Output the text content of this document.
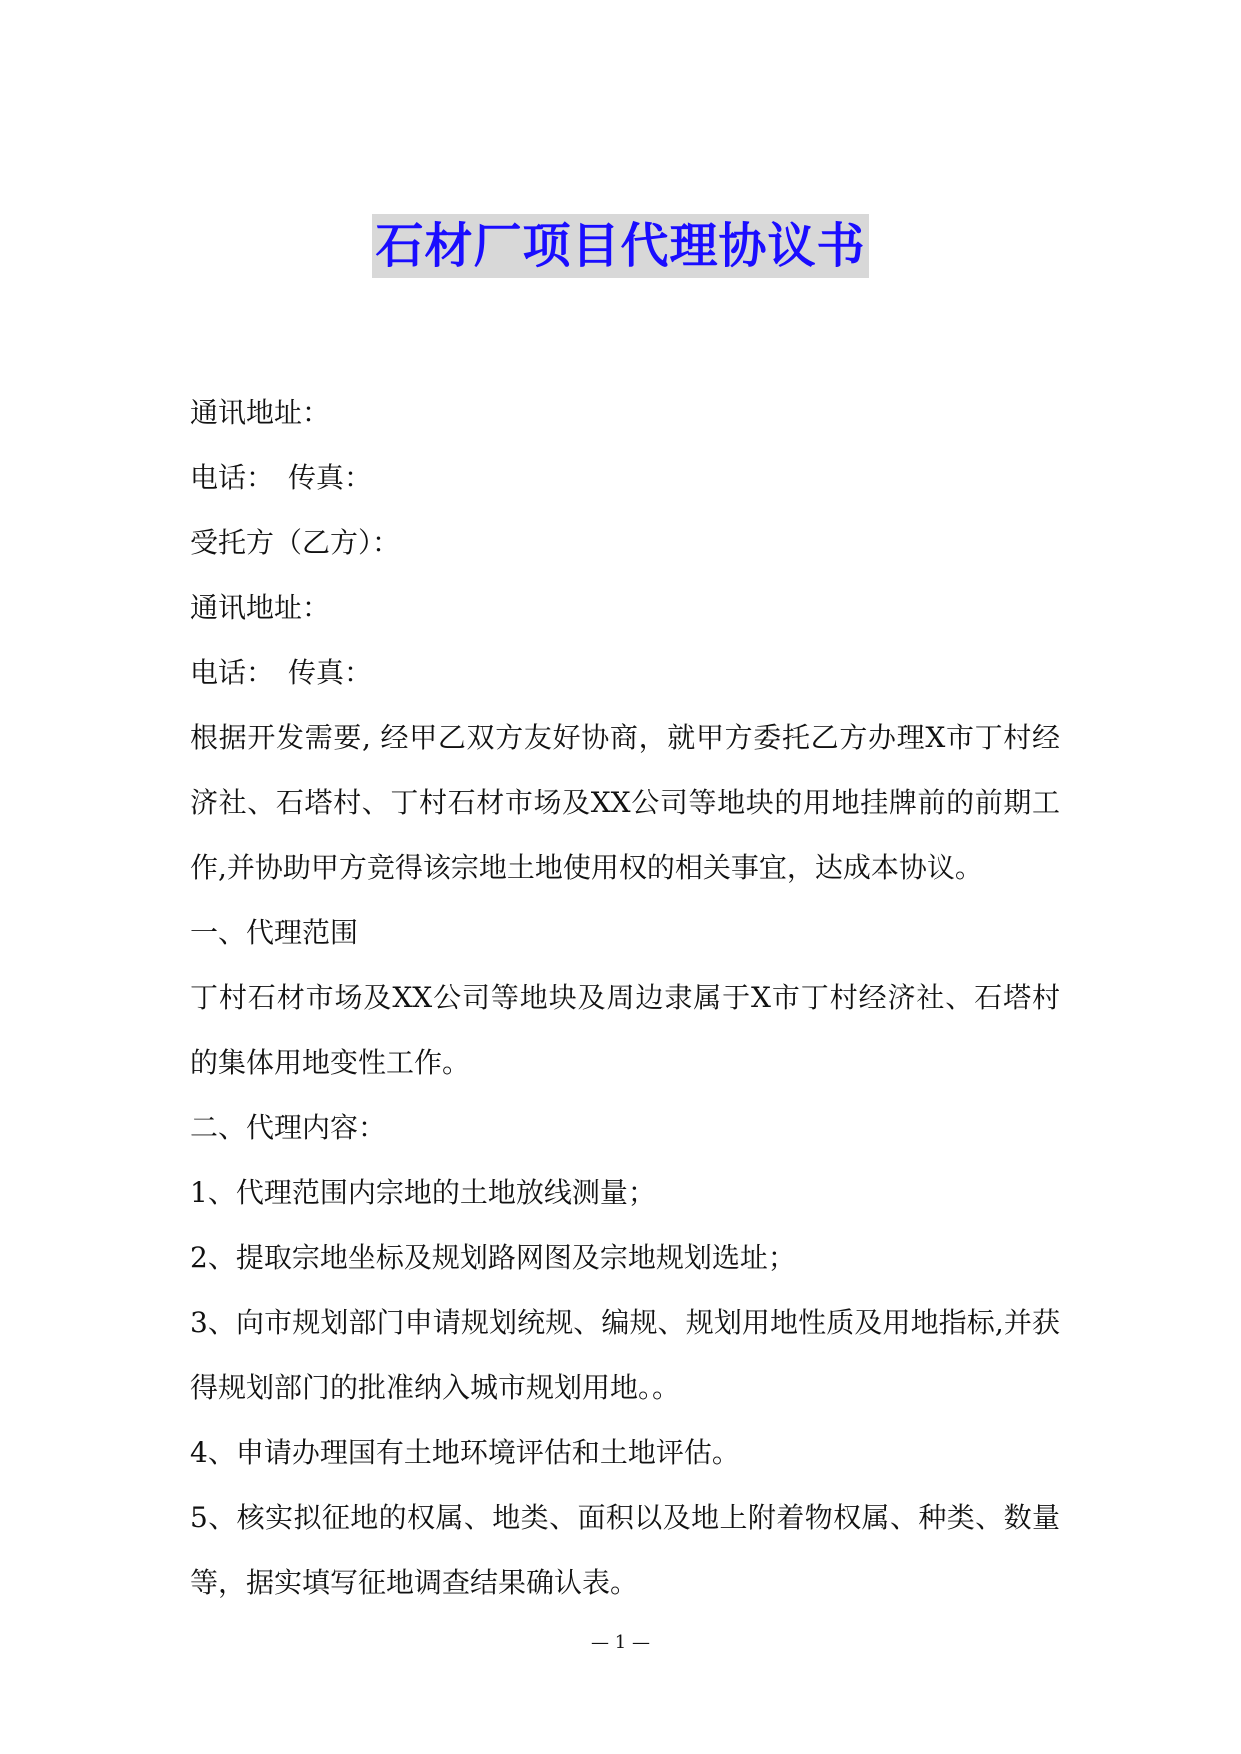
石材厂项目代理协议书
通讯地址：
电话：　传真：
受托方（乙方）：
通讯地址：
电话：　传真：
根据开发需要, 经甲乙双方友好协商，就甲方委托乙方办理X市丁村经济社、石塔村、丁村石材市场及XX公司等地块的用地挂牌前的前期工作,并协助甲方竞得该宗地土地使用权的相关事宜，达成本协议。
一、代理范围
丁村石材市场及XX公司等地块及周边隶属于X市丁村经济社、石塔村的集体用地变性工作。
二、代理内容：
1、代理范围内宗地的土地放线测量；
2、提取宗地坐标及规划路网图及宗地规划选址；
3、向市规划部门申请规划统规、编规、规划用地性质及用地指标,并获得规划部门的批准纳入城市规划用地。。
4、申请办理国有土地环境评估和土地评估。
5、核实拟征地的权属、地类、面积以及地上附着物权属、种类、数量等，据实填写征地调查结果确认表。
— 1 —
